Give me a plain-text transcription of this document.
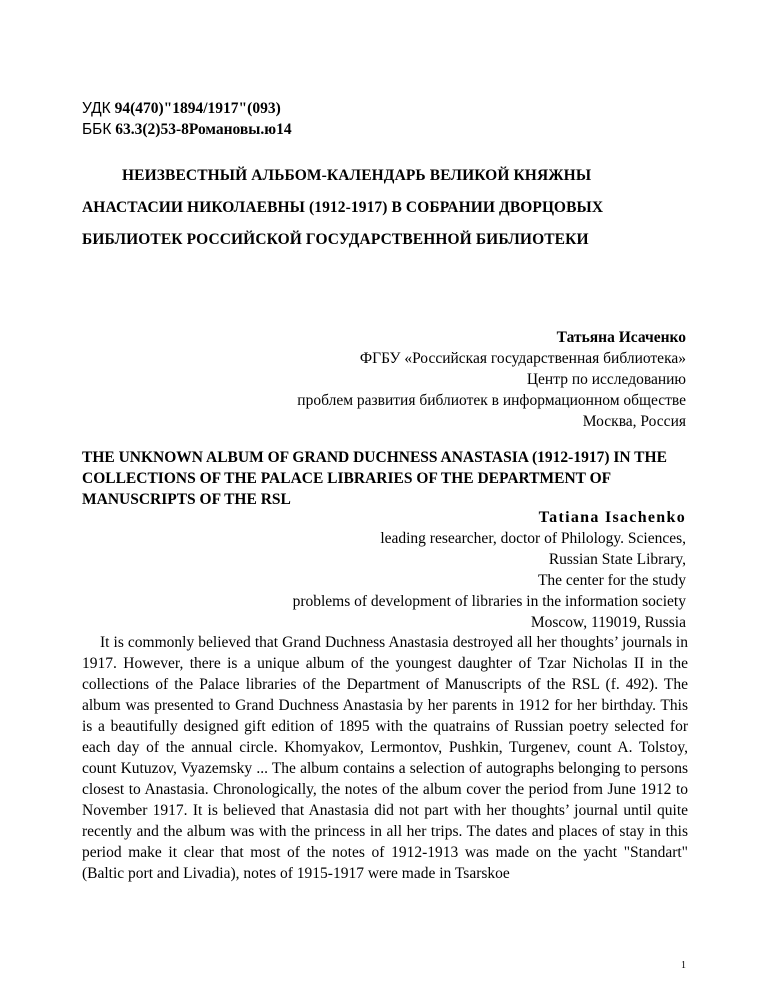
УДК 94(470)"1894/1917"(093)
ББК 63.3(2)53-8Романовы.ю14
НЕИЗВЕСТНЫЙ АЛЬБОМ-КАЛЕНДАРЬ ВЕЛИКОЙ КНЯЖНЫ АНАСТАСИИ НИКОЛАЕВНЫ (1912-1917) В СОБРАНИИ ДВОРЦОВЫХ БИБЛИОТЕК РОССИЙСКОЙ ГОСУДАРСТВЕННОЙ БИБЛИОТЕКИ
Татьяна Исаченко
ФГБУ «Российская государственная библиотека»
Центр по исследованию
проблем развития библиотек в информационном обществе
Москва, Россия
THE UNKNOWN ALBUM OF GRAND DUCHNESS ANASTASIA (1912-1917) IN THE COLLECTIONS OF THE PALACE LIBRARIES OF THE DEPARTMENT OF MANUSCRIPTS OF THE RSL
Tatiana Isachenko
leading researcher, doctor of Philology. Sciences,
Russian State Library,
The center for the study
problems of development of libraries in the information society
Moscow, 119019, Russia

It is commonly believed that Grand Duchness Anastasia destroyed all her thoughts’ journals in 1917. However, there is a unique album of the youngest daughter of Tzar Nicholas II in the collections of the Palace libraries of the Department of Manuscripts of the RSL (f. 492). The album was presented to Grand Duchness Anastasia by her parents in 1912 for her birthday. This is a beautifully designed gift edition of 1895 with the quatrains of Russian poetry selected for each day of the annual circle. Khomyakov, Lermontov, Pushkin, Turgenev, count A. Tolstoy, count Kutuzov, Vyazemsky ... The album contains a selection of autographs belonging to persons closest to Anastasia. Chronologically, the notes of the album cover the period from June 1912 to November 1917. It is believed that Anastasia did not part with her thoughts’ journal until quite recently and the album was with the princess in all her trips. The dates and places of stay in this period make it clear that most of the notes of 1912-1913 was made on the yacht "Standart" (Baltic port and Livadia), notes of 1915-1917 were made in Tsarskoe

1
